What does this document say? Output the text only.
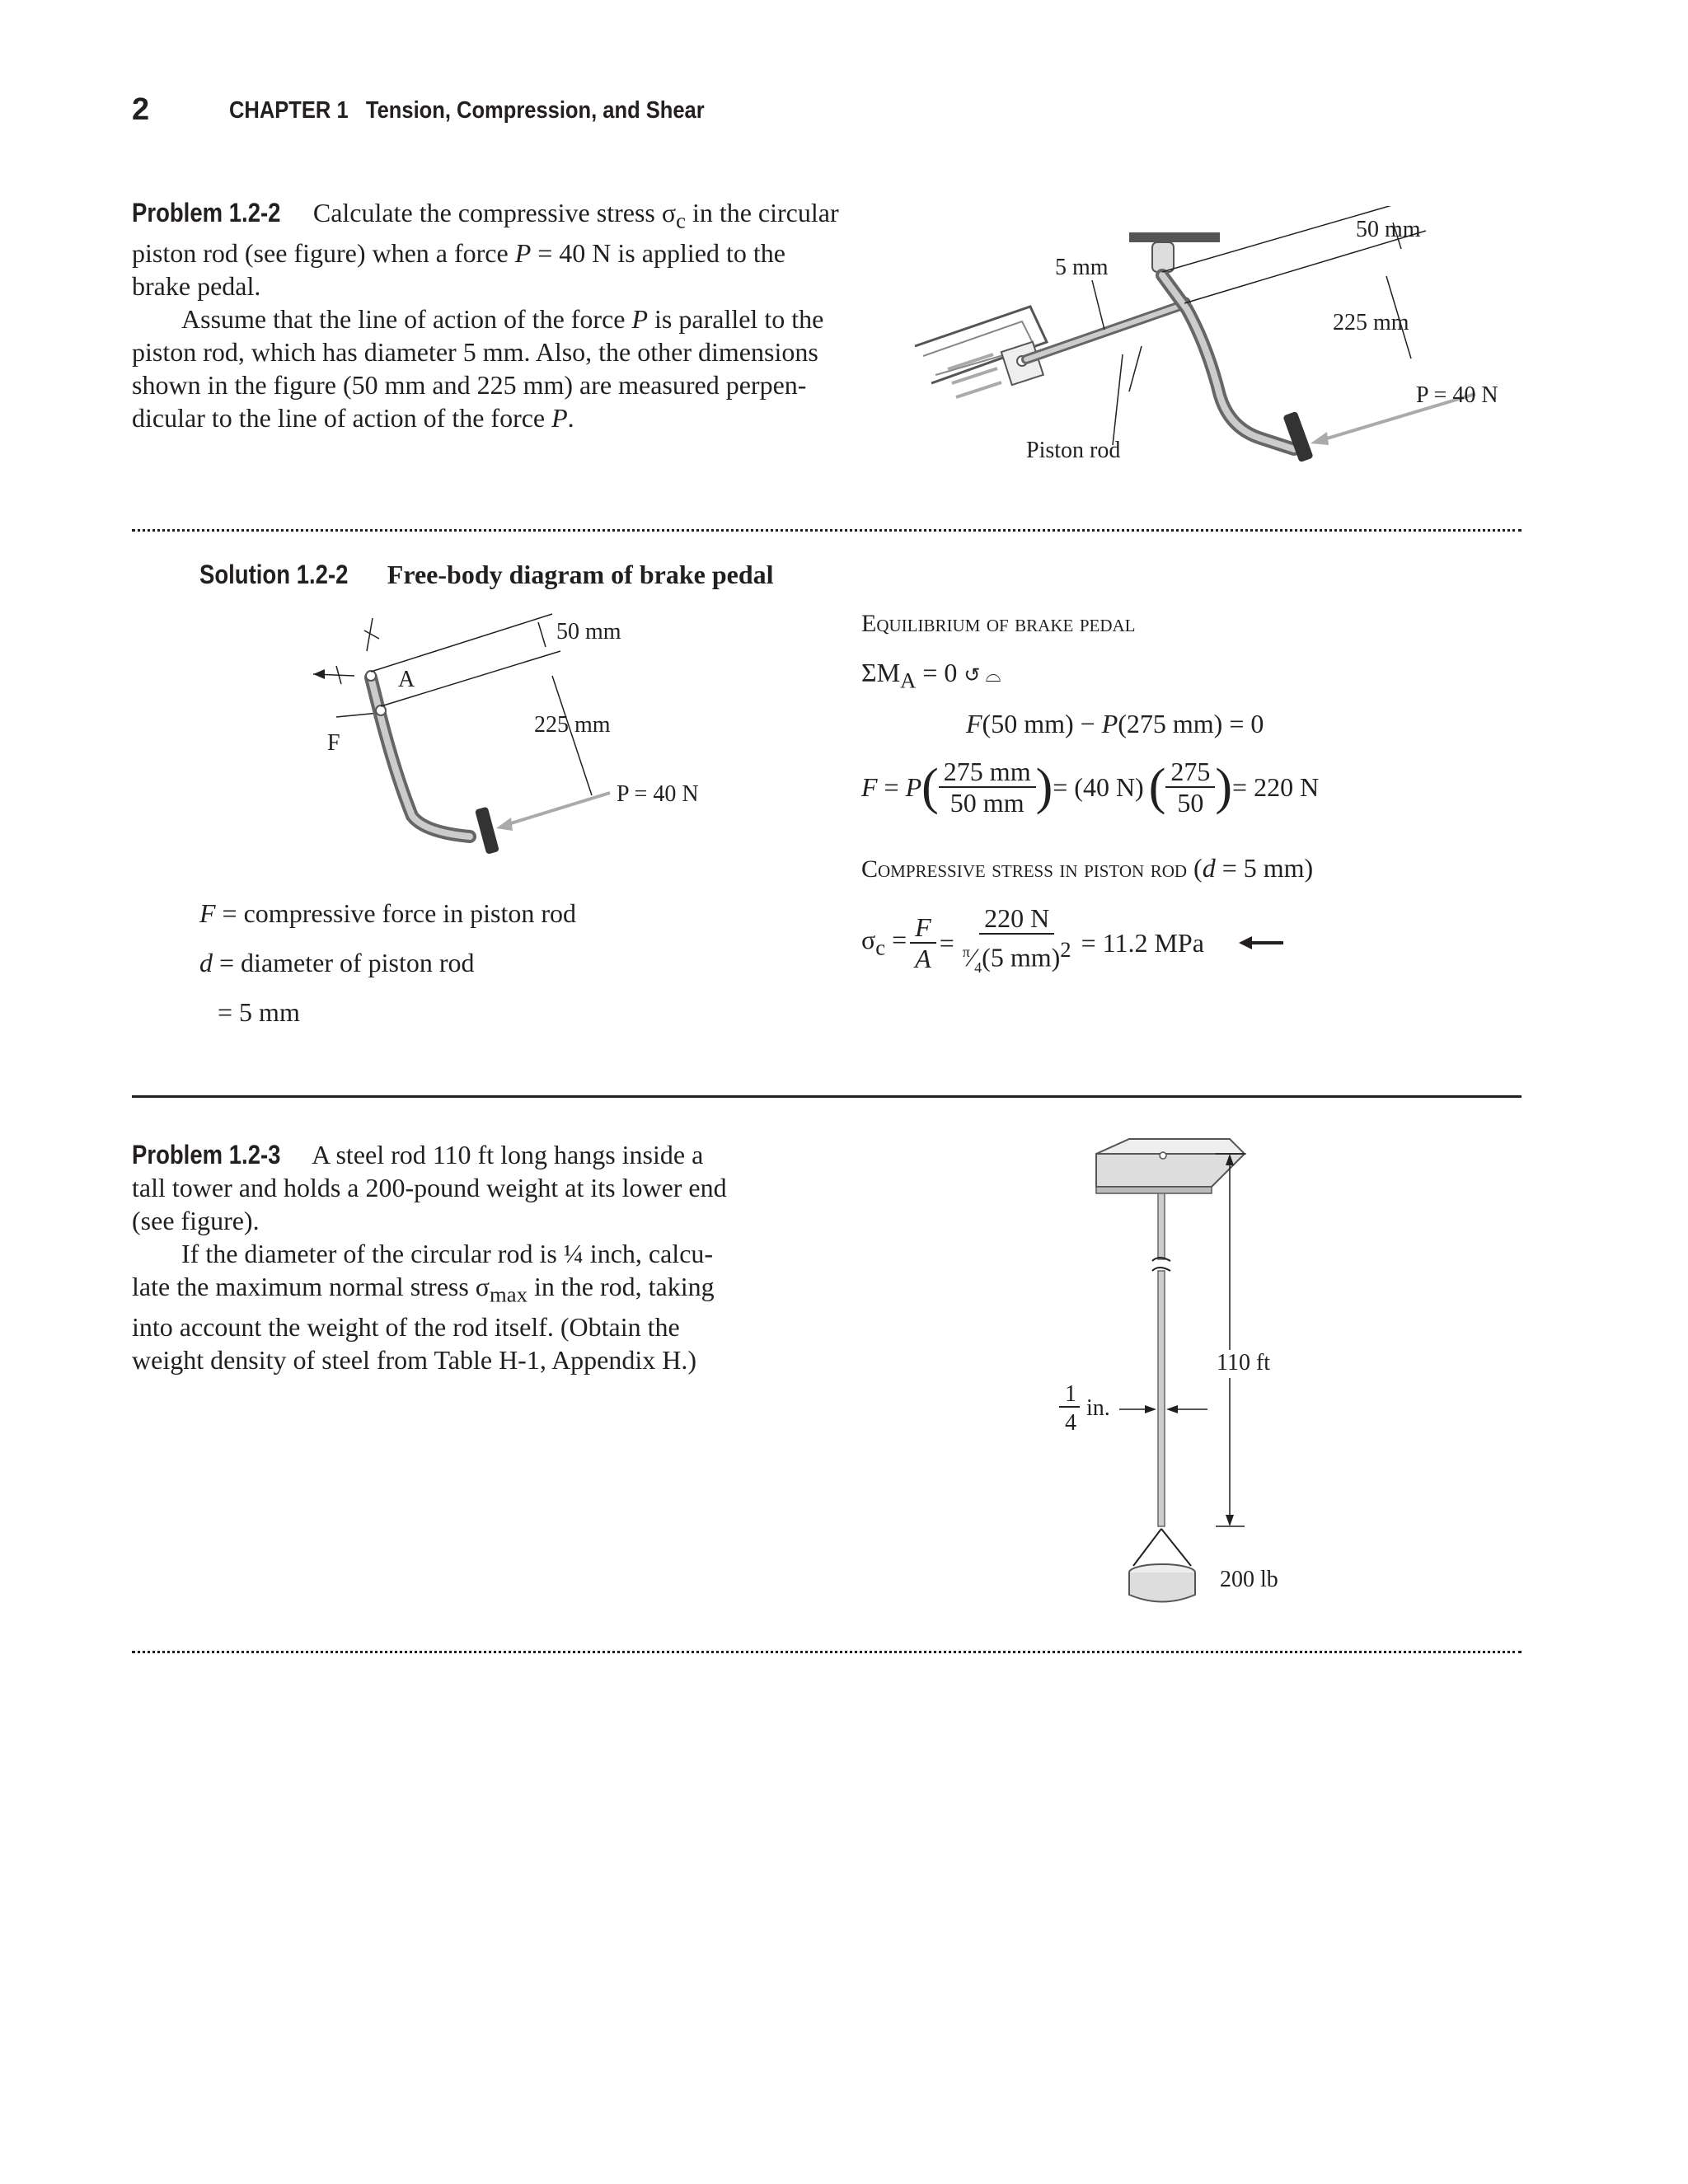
2	CHAPTER 1 Tension, Compression, and Shear
Problem 1.2-2 Calculate the compressive stress $\sigma_c$ in the circular
piston rod (see figure) when a force P = 40 N is applied to the
brake pedal.
Assume that the line of action of the force P is parallel to the
piston rod, which has diameter 5 mm. Also, the other dimensions
shown in the figure (50 mm and 225 mm) are measured perpen-
dicular to the line of action of the force P.
50 mm
225 mm
5 mm
P = 40 N
Piston rod
Solution 1.2-2 Free-body diagram of brake pedal
50 mm
225 mm
A
F
P = 40 N
F = compressive force in piston rod
d = diameter of piston rod
= 5 mm
Equilibrium of brake pedal
$\Sigma M_A = 0$ ↺ ⌓
F(50 mm) − P(275 mm) = 0
F = P ( $\frac{275 mm}{50 mm}$ ) = (40 N) ( $\frac{275}{50}$ ) = 220 N
Compressive stress in piston rod (d = 5 mm)
$\sigma_c = \frac{F}{A} = \frac{220 N}{^\pi⁄_4(5 mm)^2} = 11.2$ MPa
Problem 1.2-3 A steel rod 110 ft long hangs inside a
tall tower and holds a 200-pound weight at its lower end
(see figure).
If the diameter of the circular rod is ¼ inch, calcu-
late the maximum normal stress $\sigma_{max}$ in the rod, taking
into account the weight of the rod itself. (Obtain the
weight density of steel from Table H-1, Appendix H.)	110 ft
1
4
in.
200 lb
